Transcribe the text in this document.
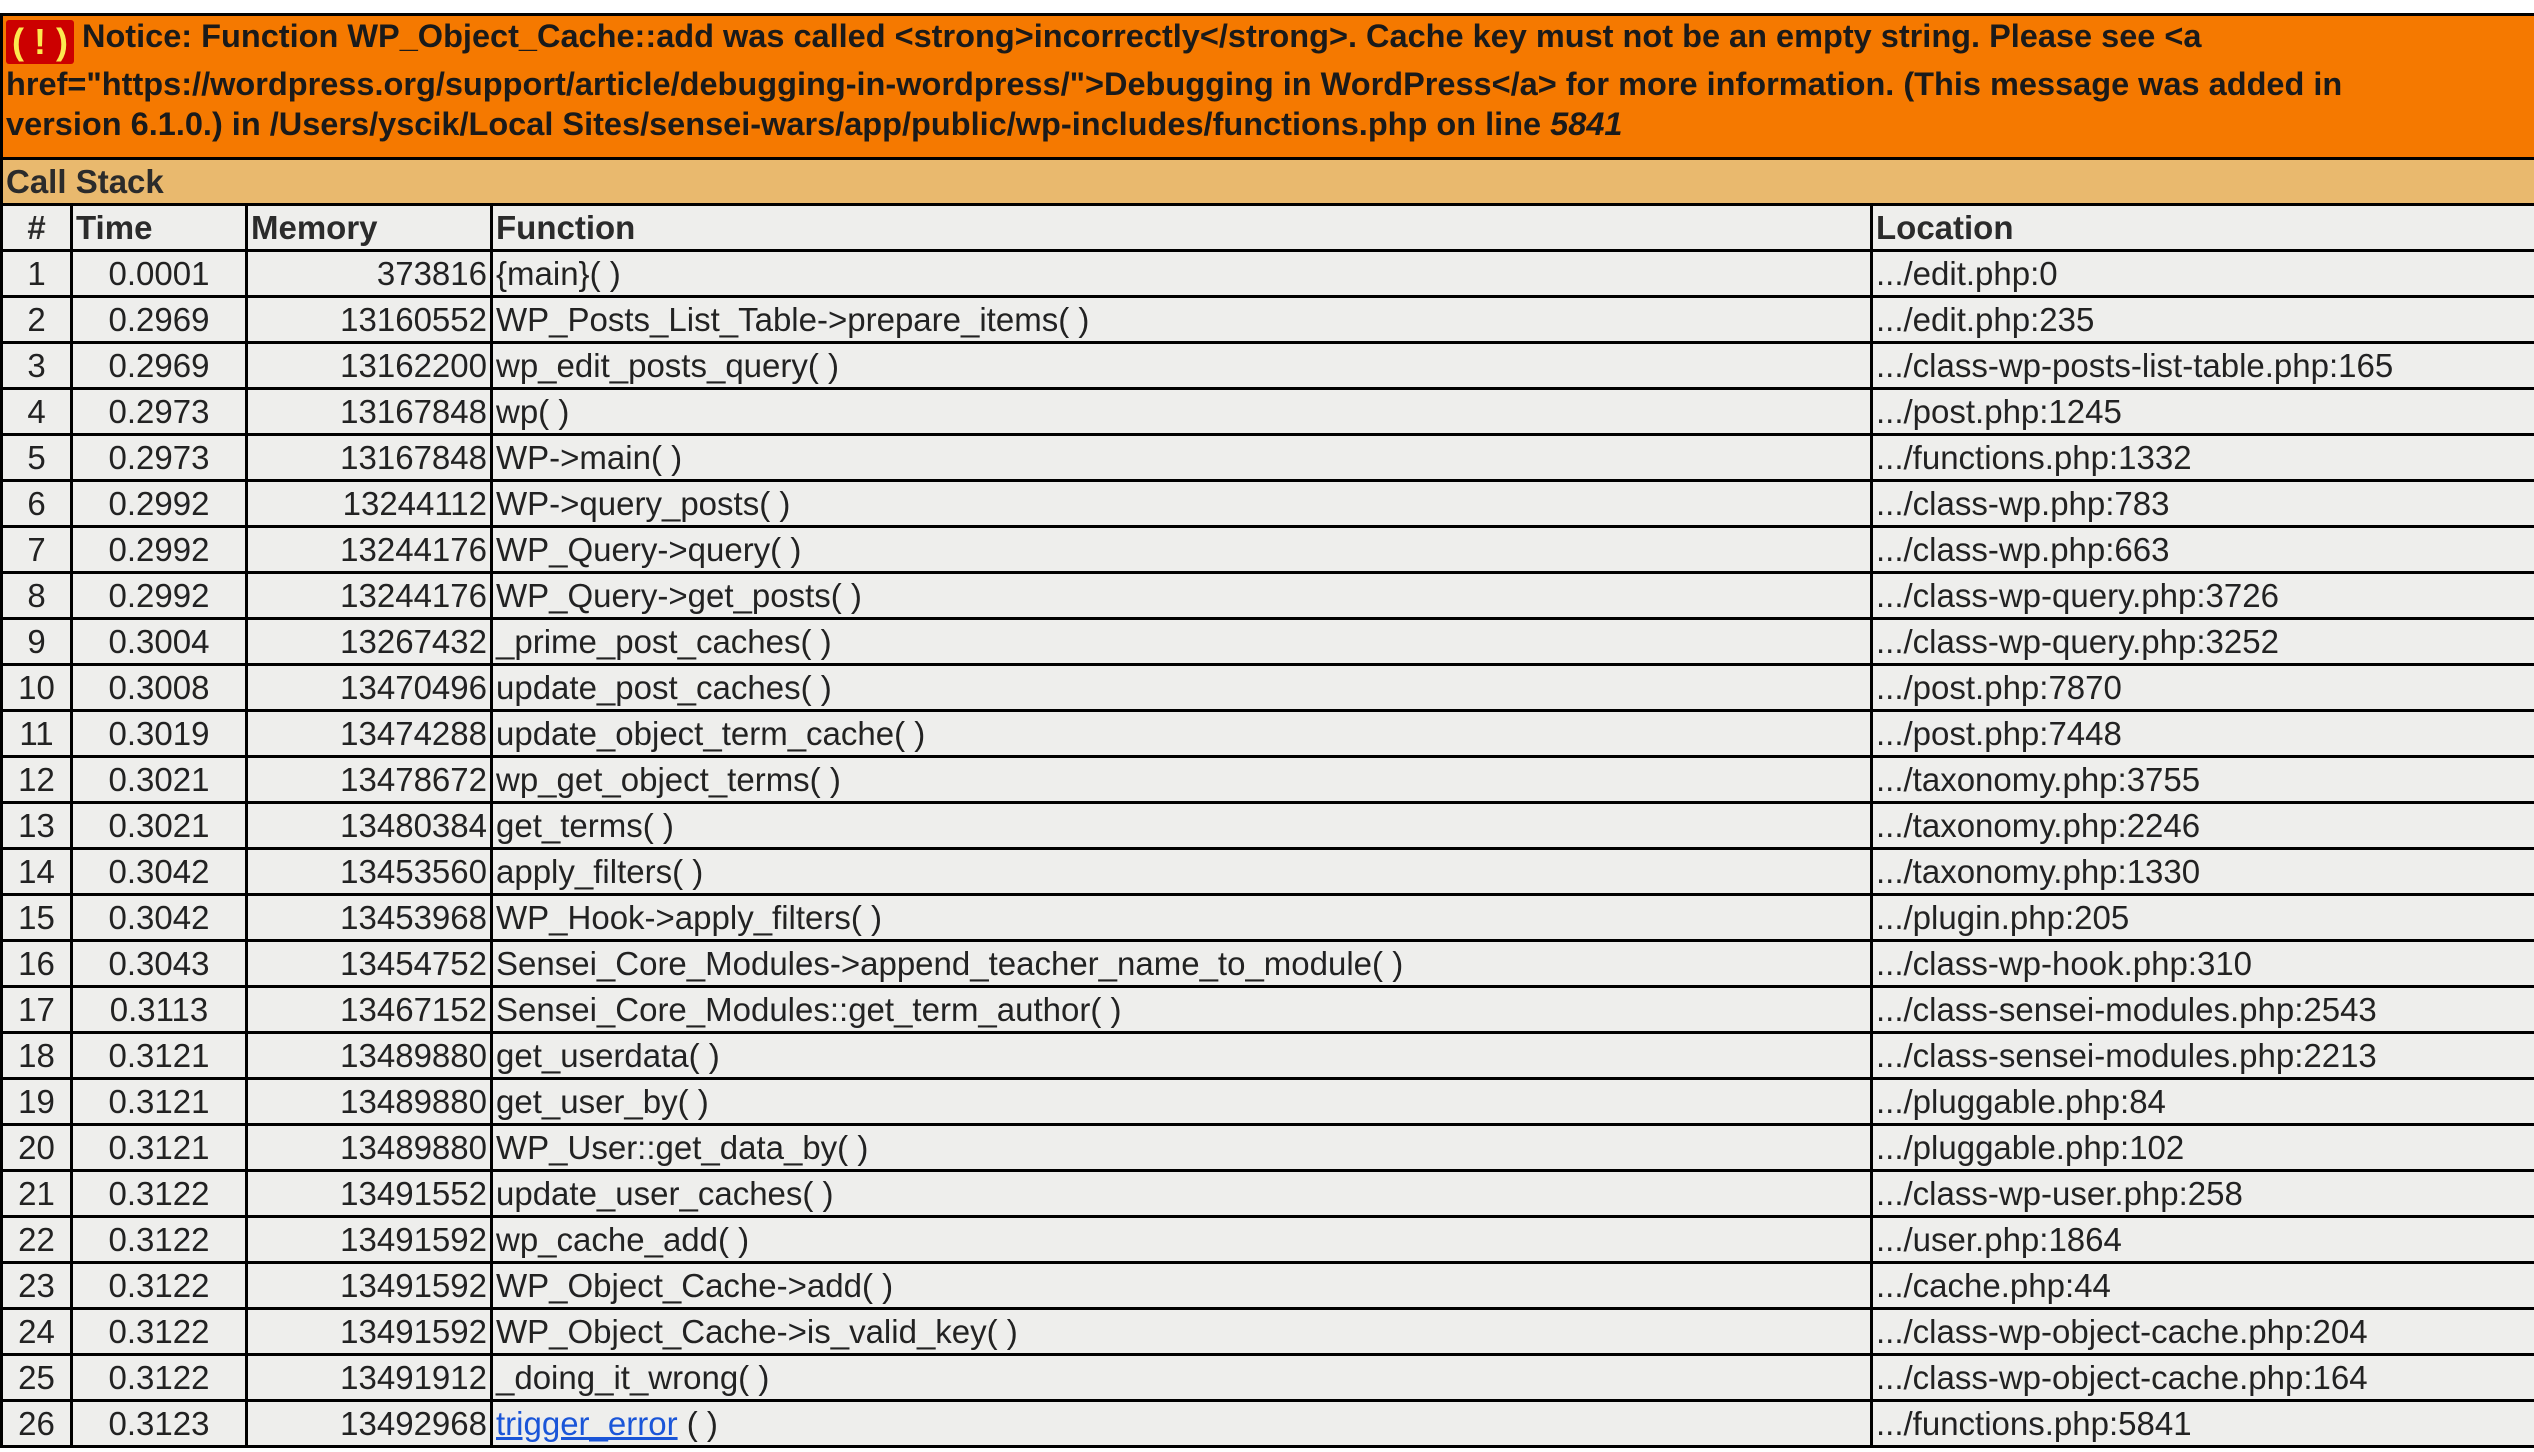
( ! ) Notice: Function WP_Object_Cache::add was called <strong>incorrectly</strong>. Cache key must not be an empty string. Please see <a
href="https://wordpress.org/support/article/debugging-in-wordpress/">Debugging in WordPress</a> for more information. (This message was added in
version 6.1.0.) in /Users/yscik/Local Sites/sensei-wars/app/public/wp-includes/functions.php on line 5841				

Call Stack				
#	Time	Memory	Function	Location
1	0.0001	373816	{main}( )	.../edit.php:0
2	0.2969	13160552	WP_Posts_List_Table->prepare_items( )	.../edit.php:235
3	0.2969	13162200	wp_edit_posts_query( )	.../class-wp-posts-list-table.php:165
4	0.2973	13167848	wp( )	.../post.php:1245
5	0.2973	13167848	WP->main( )	.../functions.php:1332
6	0.2992	13244112	WP->query_posts( )	.../class-wp.php:783
7	0.2992	13244176	WP_Query->query( )	.../class-wp.php:663
8	0.2992	13244176	WP_Query->get_posts( )	.../class-wp-query.php:3726
9	0.3004	13267432	_prime_post_caches( )	.../class-wp-query.php:3252
10	0.3008	13470496	update_post_caches( )	.../post.php:7870
11	0.3019	13474288	update_object_term_cache( )	.../post.php:7448
12	0.3021	13478672	wp_get_object_terms( )	.../taxonomy.php:3755
13	0.3021	13480384	get_terms( )	.../taxonomy.php:2246
14	0.3042	13453560	apply_filters( )	.../taxonomy.php:1330
15	0.3042	13453968	WP_Hook->apply_filters( )	.../plugin.php:205
16	0.3043	13454752	Sensei_Core_Modules->append_teacher_name_to_module( )	.../class-wp-hook.php:310
17	0.3113	13467152	Sensei_Core_Modules::get_term_author( )	.../class-sensei-modules.php:2543
18	0.3121	13489880	get_userdata( )	.../class-sensei-modules.php:2213
19	0.3121	13489880	get_user_by( )	.../pluggable.php:84
20	0.3121	13489880	WP_User::get_data_by( )	.../pluggable.php:102
21	0.3122	13491552	update_user_caches( )	.../class-wp-user.php:258
22	0.3122	13491592	wp_cache_add( )	.../user.php:1864
23	0.3122	13491592	WP_Object_Cache->add( )	.../cache.php:44
24	0.3122	13491592	WP_Object_Cache->is_valid_key( )	.../class-wp-object-cache.php:204
25	0.3122	13491912	_doing_it_wrong( )	.../class-wp-object-cache.php:164
26	0.3123	13492968	trigger_error ( )	.../functions.php:5841
